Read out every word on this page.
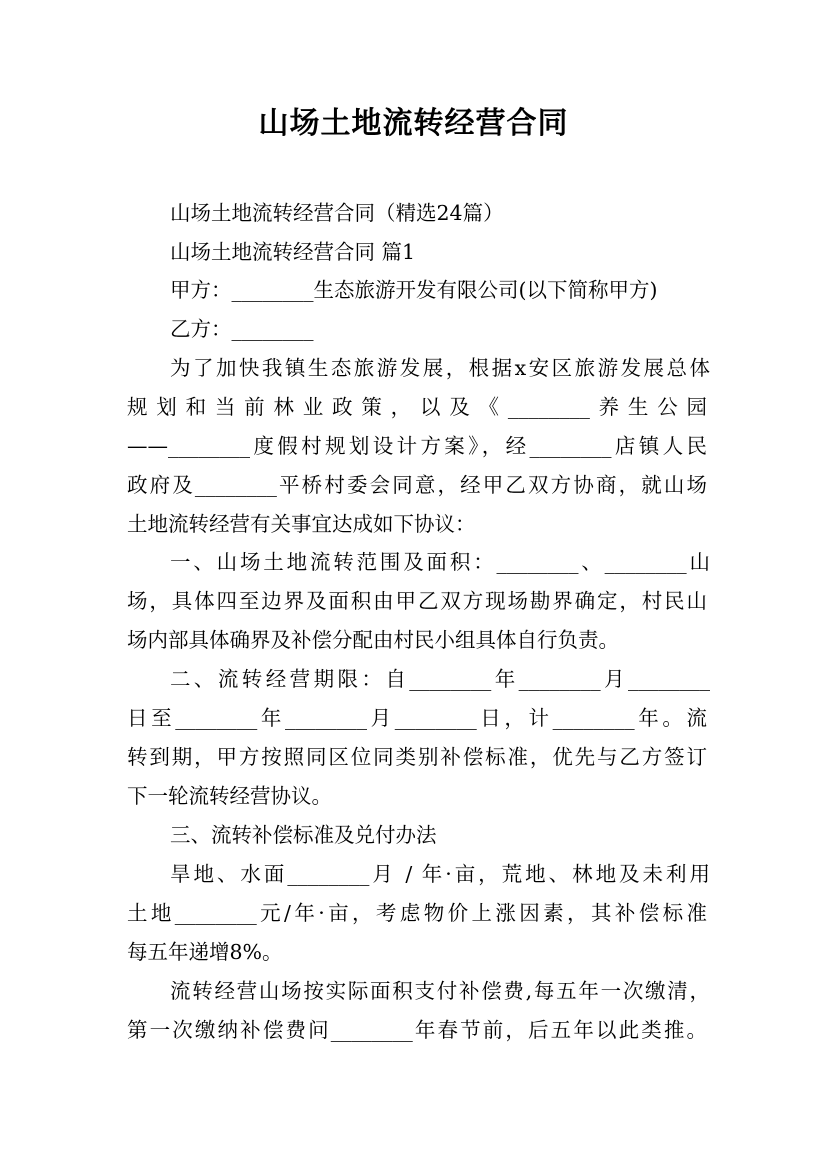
山场土地流转经营合同
山场土地流转经营合同（精选24篇）
山场土地流转经营合同 篇1
甲方：________生态旅游开发有限公司(以下简称甲方)
乙方：________
为了加快我镇生态旅游发展，根据x安区旅游发展总体
规划和当前林业政策，以及《________养生公园
——________度假村规划设计方案》，经________店镇人民
政府及________平桥村委会同意，经甲乙双方协商，就山场
土地流转经营有关事宜达成如下协议：
一、山场土地流转范围及面积：________、________山
场，具体四至边界及面积由甲乙双方现场勘界确定，村民山
场内部具体确界及补偿分配由村民小组具体自行负责。
二、流转经营期限：自________年________月________
日至________年________月________日，计________年。流
转到期，甲方按照同区位同类别补偿标准，优先与乙方签订
下一轮流转经营协议。
三、流转补偿标准及兑付办法
旱地、水面________月 / 年·亩，荒地、林地及未利用
土地________元/年·亩，考虑物价上涨因素，其补偿标准
每五年递增8%。
流转经营山场按实际面积支付补偿费,每五年一次缴清，
第一次缴纳补偿费问________年春节前，后五年以此类推。
